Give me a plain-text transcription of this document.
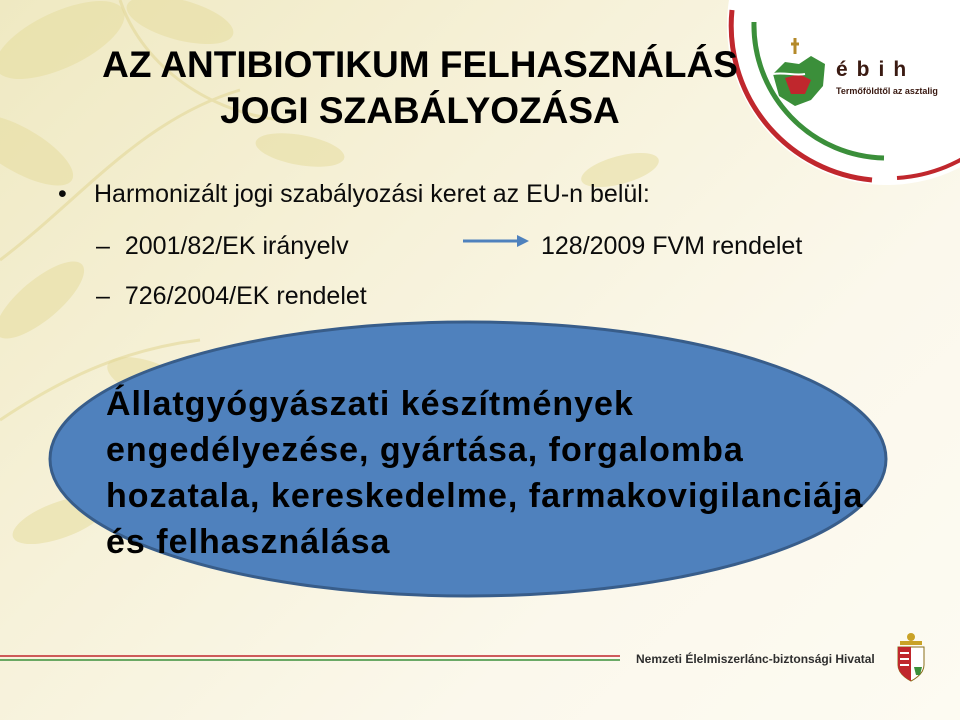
ébih
Termőföldtől az asztalig
AZ ANTIBIOTIKUM FELHASZNÁLÁS
JOGI SZABÁLYOZÁSA
• Harmonizált jogi szabályozási keret az EU-n belül:
– 2001/82/EK irányelv
– 726/2004/EK rendelet
128/2009 FVM rendelet
Állatgyógyászati készítmények
engedélyezése, gyártása, forgalomba
hozatala, kereskedelme, farmakovigilanciája
és felhasználása
Nemzeti Élelmiszerlánc-biztonsági Hivatal
